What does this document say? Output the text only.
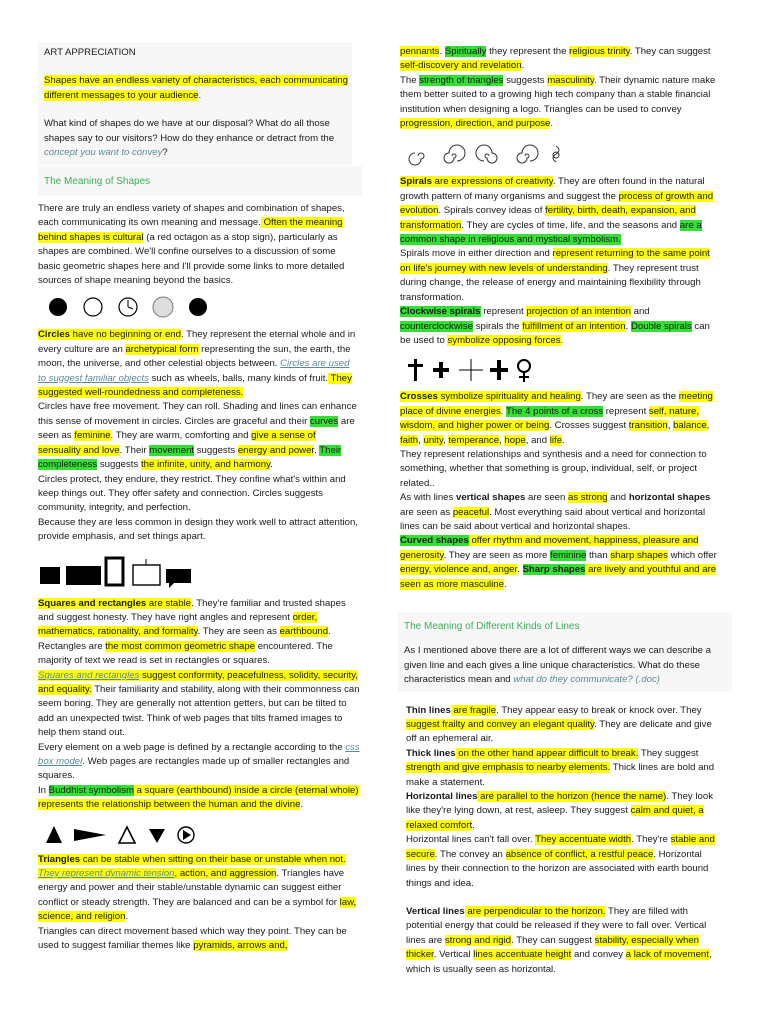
ART APPRECIATION

Shapes have an endless variety of characteristics, each communicating different messages to your audience.

What kind of shapes do we have at our disposal? What do all those shapes say to our visitors? How do they enhance or detract from the concept you want to convey?

The Meaning of Shapes

There are truly an endless variety of shapes and combination of shapes, each communicating its own meaning and message. Often the meaning behind shapes is cultural (a red octagon as a stop sign), particularly as shapes are combined. We'll confine ourselves to a discussion of some basic geometric shapes here and I'll provide some links to more detailed sources of shape meaning beyond the basics.

Circles have no beginning or end. They represent the eternal whole and in every culture are an archetypical form representing the sun, the earth, the moon, the universe, and other celestial objects between. Circles are used to suggest familiar objects such as wheels, balls, many kinds of fruit. They suggested well-roundedness and completeness.

Circles have free movement. They can roll. Shading and lines can enhance this sense of movement in circles. Circles are graceful and their curves are seen as feminine. They are warm, comforting and give a sense of sensuality and love. Their movement suggests energy and power. Their completeness suggests the infinite, unity, and harmony.

Circles protect, they endure, they restrict. They confine what's within and keep things out. They offer safety and connection. Circles suggests community, integrity, and perfection.

Because they are less common in design they work well to attract attention, provide emphasis, and set things apart.

Squares and rectangles are stable. They're familiar and trusted shapes and suggest honesty. They have right angles and represent order, mathematics, rationality, and formality. They are seen as earthbound. Rectangles are the most common geometric shape encountered. The majority of text we read is set in rectangles or squares.

Squares and rectangles suggest conformity, peacefulness, solidity, security, and equality. Their familiarity and stability, along with their commonness can seem boring. They are generally not attention getters, but can be tilted to add an unexpected twist. Think of web pages that tilts framed images to help them stand out.

Every element on a web page is defined by a rectangle according to the css box model. Web pages are rectangles made up of smaller rectangles and squares.

In Buddhist symbolism a square (earthbound) inside a circle (eternal whole) represents the relationship between the human and the divine.

Triangles can be stable when sitting on their base or unstable when not. They represent dynamic tension, action, and aggression. Triangles have energy and power and their stable/unstable dynamic can suggest either conflict or steady strength. They are balanced and can be a symbol for law, science, and religion.

Triangles can direct movement based which way they point. They can be used to suggest familiar themes like pyramids, arrows and,

pennants. Spiritually they represent the religious trinity. They can suggest self-discovery and revelation.

The strength of triangles suggests masculinity. Their dynamic nature make them better suited to a growing high tech company than a stable financial institution when designing a logo. Triangles can be used to convey progression, direction, and purpose.

Spirals are expressions of creativity. They are often found in the natural growth pattern of many organisms and suggest the process of growth and evolution. Spirals convey ideas of fertility, birth, death, expansion, and transformation. They are cycles of time, life, and the seasons and are a common shape in religious and mystical symbolism.

Spirals move in either direction and represent returning to the same point on life's journey with new levels of understanding. They represent trust during change, the release of energy and maintaining flexibility through transformation.

Clockwise spirals represent projection of an intention and counterclockwise spirals the fulfillment of an intention. Double spirals can be used to symbolize opposing forces.

Crosses symbolize spirituality and healing. They are seen as the meeting place of divine energies. The 4 points of a cross represent self, nature, wisdom, and higher power or being. Crosses suggest transition, balance, faith, unity, temperance, hope, and life.

They represent relationships and synthesis and a need for connection to something, whether that something is group, individual, self, or project related..

As with lines vertical shapes are seen as strong and horizontal shapes are seen as peaceful. Most everything said about vertical and horizontal lines can be said about vertical and horizontal shapes.

Curved shapes offer rhythm and movement, happiness, pleasure and generosity. They are seen as more feminine than sharp shapes which offer energy, violence and, anger. Sharp shapes are lively and youthful and are seen as more masculine.

The Meaning of Different Kinds of Lines

As I mentioned above there are a lot of different ways we can describe a given line and each gives a line unique characteristics. What do these characteristics mean and what do they communicate? (.doc)

Thin lines are fragile. They appear easy to break or knock over. They suggest frailty and convey an elegant quality. They are delicate and give off an ephemeral air.

Thick lines on the other hand appear difficult to break. They suggest strength and give emphasis to nearby elements. Thick lines are bold and make a statement.

Horizontal lines are parallel to the horizon (hence the name). They look like they're lying down, at rest, asleep. They suggest calm and quiet, a relaxed comfort.

Horizontal lines can't fall over. They accentuate width. They're stable and secure. The convey an absence of conflict, a restful peace. Horizontal lines by their connection to the horizon are associated with earth bound things and idea.

Vertical lines are perpendicular to the horizon. They are filled with potential energy that could be released if they were to fall over. Vertical lines are strong and rigid. They can suggest stability, especially when thicker. Vertical lines accentuate height and convey a lack of movement, which is usually seen as horizontal.
